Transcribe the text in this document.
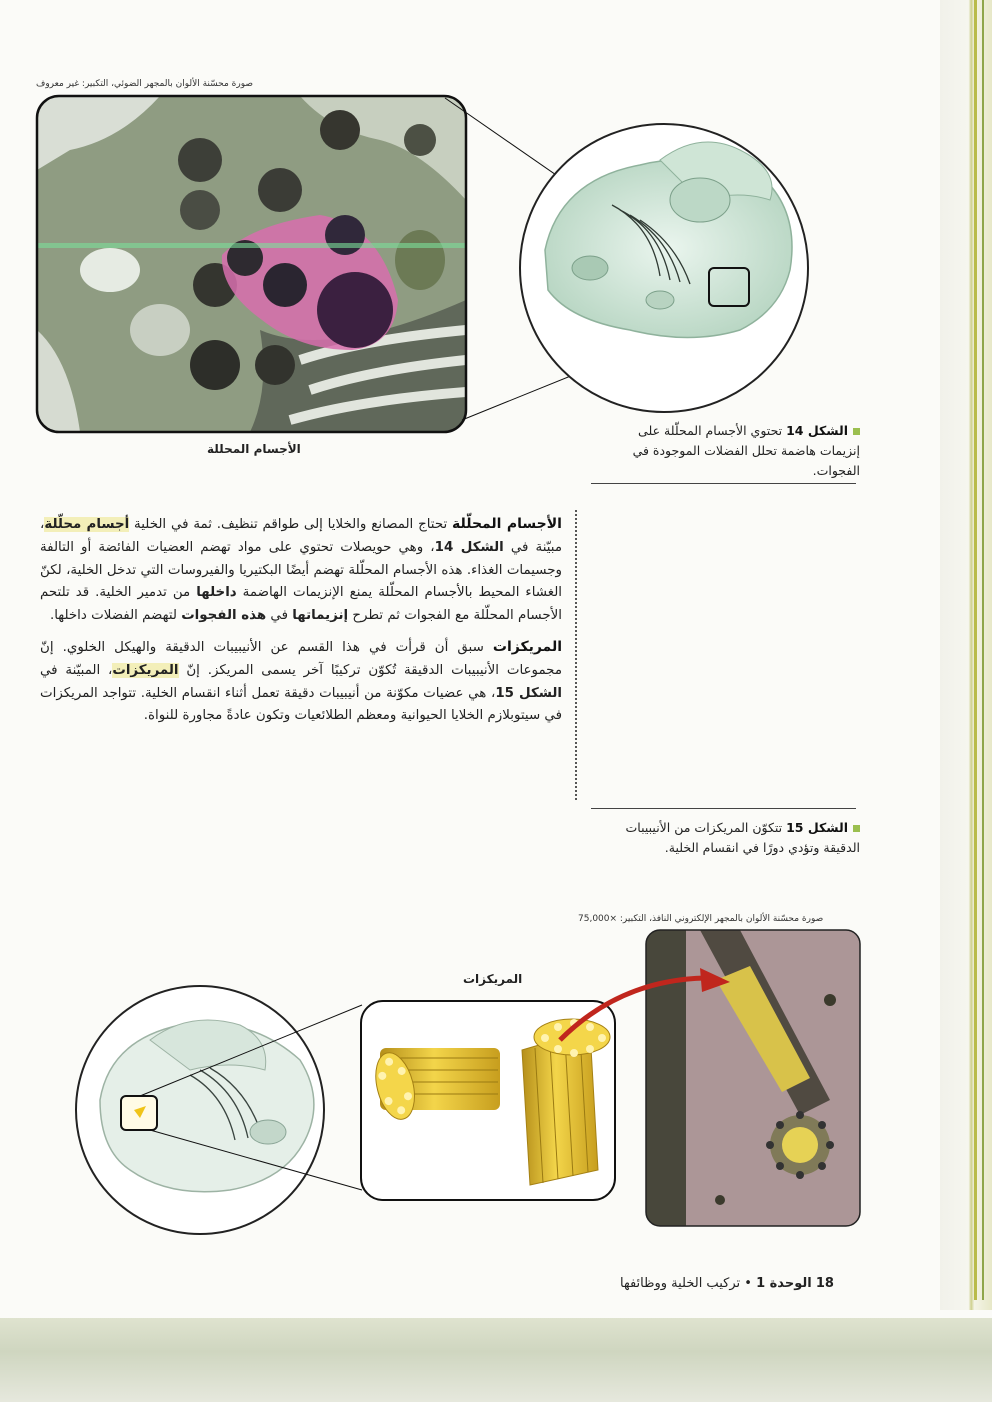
صورة محسّنة الألوان بالمجهر الضوئي، التكبير: غير معروف
الأجسام المحللة
الشكل 14 تحتوي الأجسام المحلّلة على إنزيمات هاضمة تحلل الفضلات الموجودة في الفجوات.

الأجسام المحلّلة تحتاج المصانع والخلايا إلى طواقم تنظيف. ثمة في الخلية أجسام محلّلة، مبيّنة في الشكل 14، وهي حويصلات تحتوي على مواد تهضم العضيات الفائضة أو التالفة وجسيمات الغذاء. هذه الأجسام المحلّلة تهضم أيضًا البكتيريا والفيروسات التي تدخل الخلية، لكنّ الغشاء المحيط بالأجسام المحلّلة يمنع الإنزيمات الهاضمة داخلها من تدمير الخلية. قد تلتحم الأجسام المحلّلة مع الفجوات ثم تطرح إنزيماتها في هذه الفجوات لتهضم الفضلات داخلها.

المريكزات سبق أن قرأت في هذا القسم عن الأنيبيبات الدقيقة والهيكل الخلوي. إنّ مجموعات الأنيبيبات الدقيقة تُكوّن تركيبًا آخر يسمى المريكز. إنّ المريكزات، المبيّنة في الشكل 15، هي عضيات مكوّنة من أنيبيبات دقيقة تعمل أثناء انقسام الخلية. تتواجد المريكزات في سيتوبلازم الخلايا الحيوانية ومعظم الطلائعيات وتكون عادةً مجاورة للنواة.

الشكل 15 تتكوّن المريكزات من الأنيبيبات الدقيقة وتؤدي دورًا في انقسام الخلية.
صورة محسّنة الألوان بالمجهر الإلكتروني النافذ، التكبير: ×75,000
المريكزات
18 الوحدة 1 • تركيب الخلية ووظائفها
